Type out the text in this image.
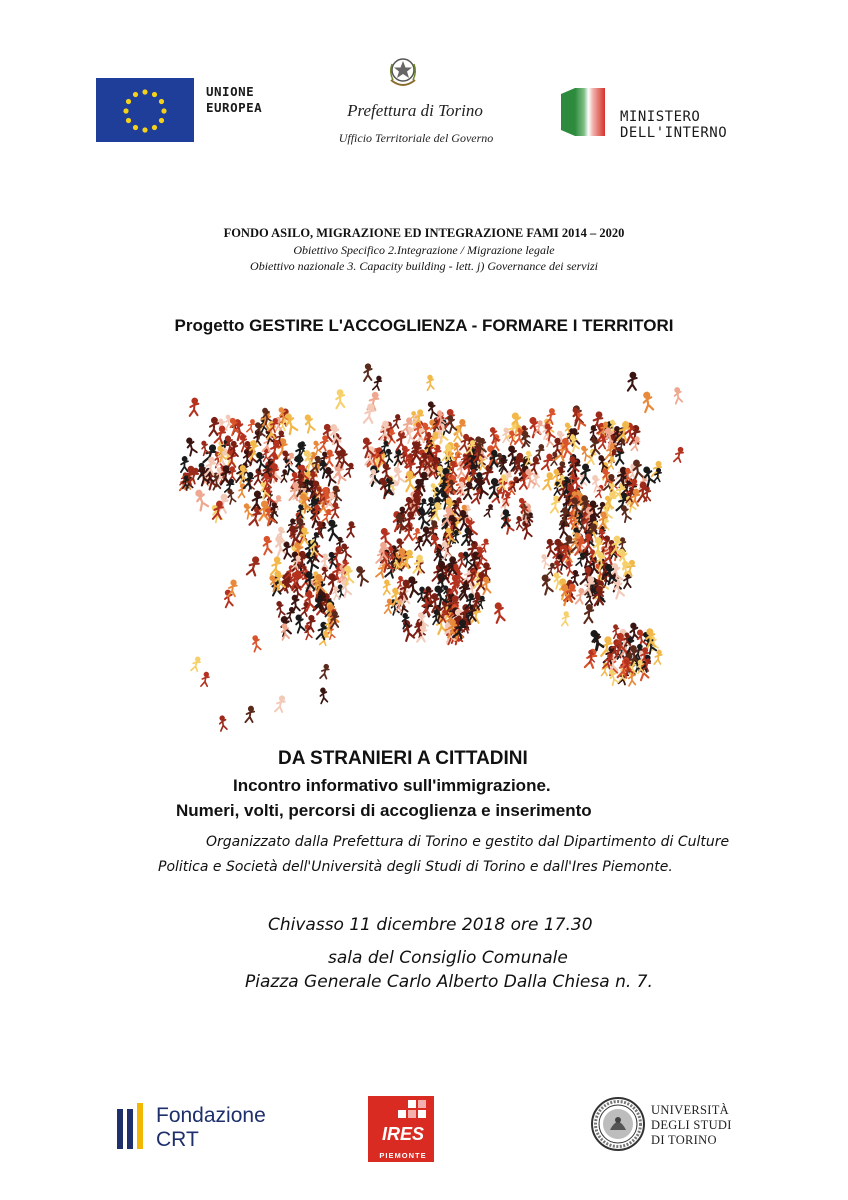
UNIONE
EUROPEA	Prefettura di Torino
Ufficio Territoriale del Governo
MINISTERO
DELL'INTERNO
FONDO ASILO, MIGRAZIONE ED INTEGRAZIONE FAMI 2014 – 2020
Obiettivo Specifico 2.Integrazione / Migrazione legale
Obiettivo nazionale 3. Capacity building - lett. j) Governance dei servizi
Progetto GESTIRE L'ACCOGLIENZA - FORMARE I TERRITORI
DA STRANIERI A CITTADINI
Incontro informativo sull'immigrazione.
Numeri, volti, percorsi di accoglienza e inserimento
Organizzato dalla Prefettura di Torino e gestito dal Dipartimento di Culture
Politica e Società dell'Università degli Studi di Torino e dall'Ires Piemonte.
Chivasso 11 dicembre 2018 ore 17.30
sala del Consiglio Comunale
Piazza Generale Carlo Alberto Dalla Chiesa n. 7.
Fondazione
CRT	IRES
PIEMONTE
UNIVERSITÀ
DEGLI STUDI
DI TORINO
